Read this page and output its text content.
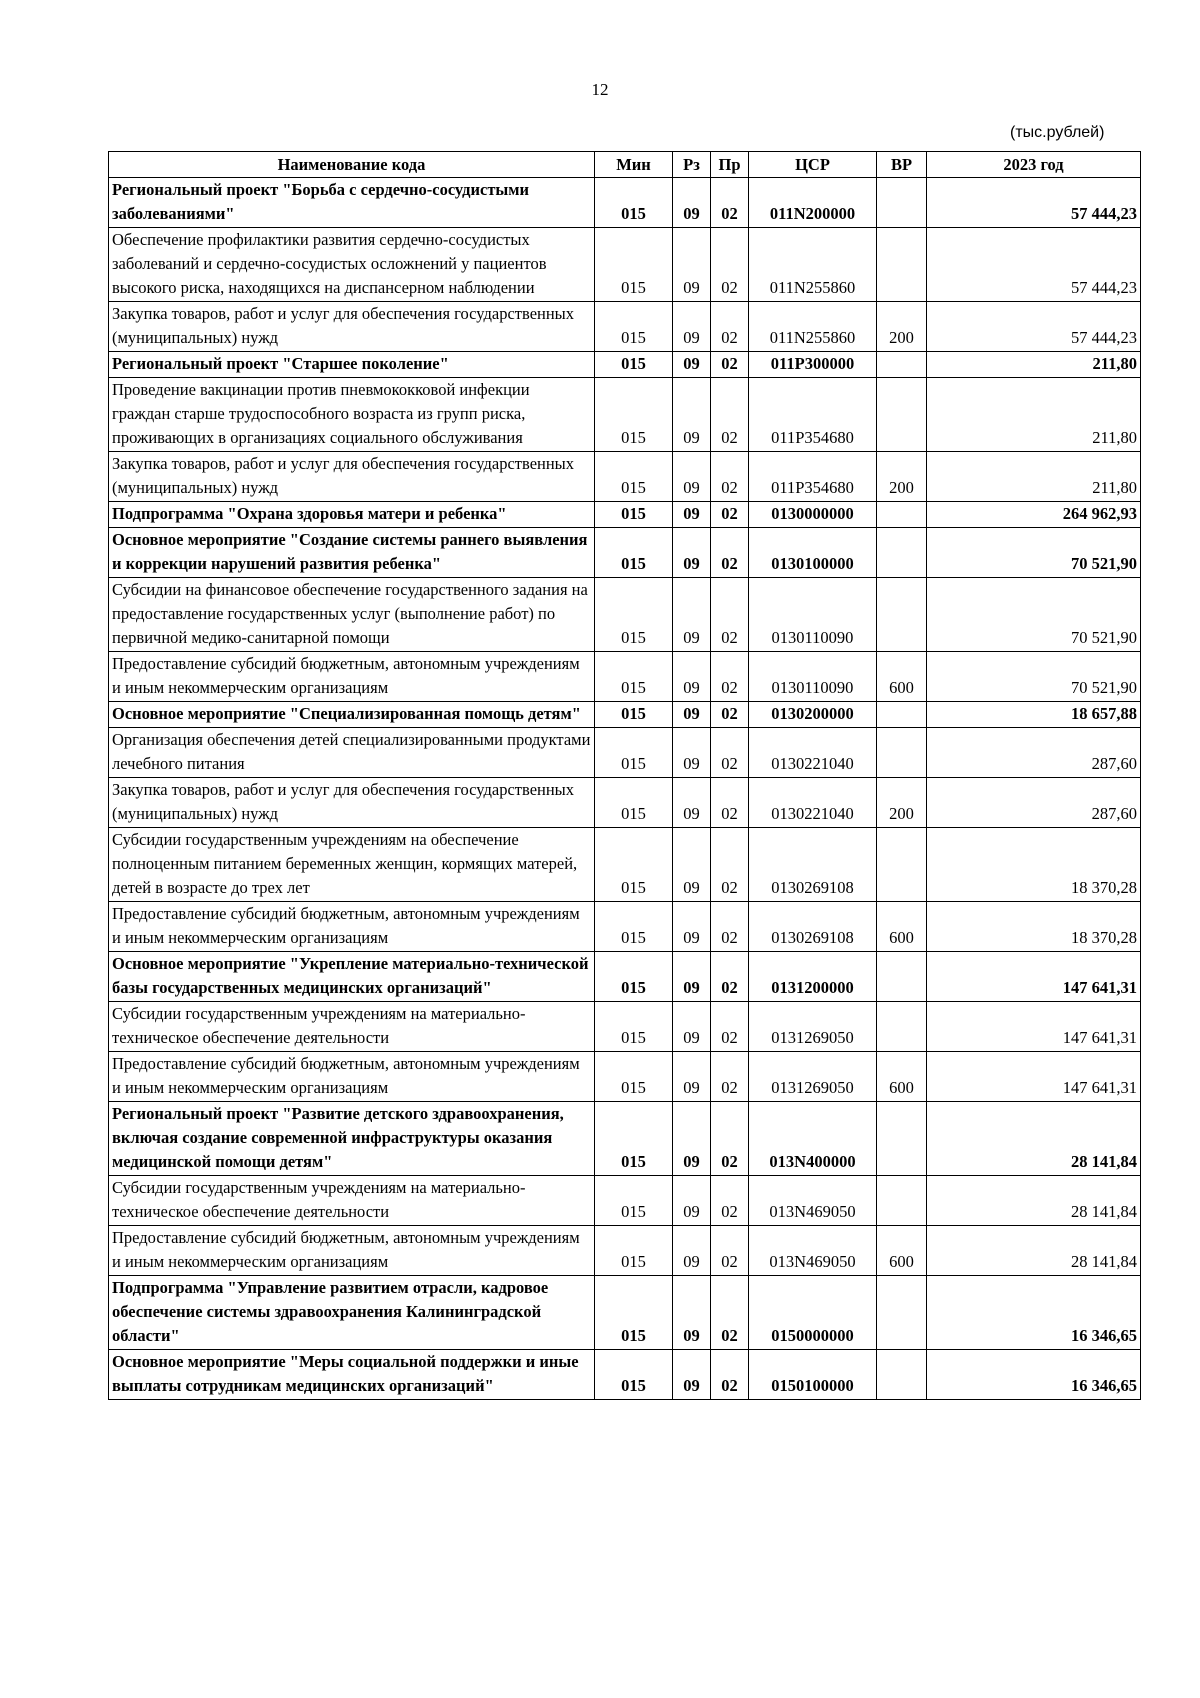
12
(тыс.рублей)
Наименование кода	Мин	Рз	Пр	ЦСР	ВР	2023 год
Региональный проект "Борьба с сердечно-сосудистыми заболеваниями"	015	09	02	011N200000		57 444,23
Обеспечение профилактики развития сердечно-сосудистых заболеваний и сердечно-сосудистых осложнений у пациентов высокого риска, находящихся на диспансерном наблюдении	015	09	02	011N255860		57 444,23
Закупка товаров, работ и услуг для обеспечения государственных (муниципальных) нужд	015	09	02	011N255860	200	57 444,23
Региональный проект "Старшее поколение"	015	09	02	011P300000		211,80
Проведение вакцинации против пневмококковой инфекции граждан старше трудоспособного возраста из групп риска, проживающих в организациях социального обслуживания	015	09	02	011P354680		211,80
Закупка товаров, работ и услуг для обеспечения государственных (муниципальных) нужд	015	09	02	011P354680	200	211,80
Подпрограмма "Охрана здоровья матери и ребенка"	015	09	02	0130000000		264 962,93
Основное мероприятие "Создание системы раннего выявления и коррекции нарушений развития ребенка"	015	09	02	0130100000		70 521,90
Субсидии на финансовое обеспечение государственного задания на предоставление государственных услуг (выполнение работ) по первичной медико-санитарной помощи	015	09	02	0130110090		70 521,90
Предоставление субсидий бюджетным, автономным учреждениям и иным некоммерческим организациям	015	09	02	0130110090	600	70 521,90
Основное мероприятие "Специализированная помощь детям"	015	09	02	0130200000		18 657,88
Организация обеспечения детей специализированными продуктами лечебного питания	015	09	02	0130221040		287,60
Закупка товаров, работ и услуг для обеспечения государственных (муниципальных) нужд	015	09	02	0130221040	200	287,60
Субсидии государственным учреждениям на обеспечение полноценным питанием беременных женщин, кормящих матерей, детей в возрасте до трех лет	015	09	02	0130269108		18 370,28
Предоставление субсидий бюджетным, автономным учреждениям и иным некоммерческим организациям	015	09	02	0130269108	600	18 370,28
Основное мероприятие "Укрепление материально-технической базы государственных медицинских организаций"	015	09	02	0131200000		147 641,31
Субсидии государственным учреждениям на материально-техническое обеспечение деятельности	015	09	02	0131269050		147 641,31
Предоставление субсидий бюджетным, автономным учреждениям и иным некоммерческим организациям	015	09	02	0131269050	600	147 641,31
Региональный проект "Развитие детского здравоохранения, включая создание современной инфраструктуры оказания медицинской помощи детям"	015	09	02	013N400000		28 141,84
Субсидии государственным учреждениям на материально-техническое обеспечение деятельности	015	09	02	013N469050		28 141,84
Предоставление субсидий бюджетным, автономным учреждениям и иным некоммерческим организациям	015	09	02	013N469050	600	28 141,84
Подпрограмма "Управление развитием отрасли, кадровое обеспечение системы здравоохранения Калининградской области"	015	09	02	0150000000		16 346,65
Основное мероприятие "Меры социальной поддержки и иные выплаты сотрудникам медицинских организаций"	015	09	02	0150100000		16 346,65
